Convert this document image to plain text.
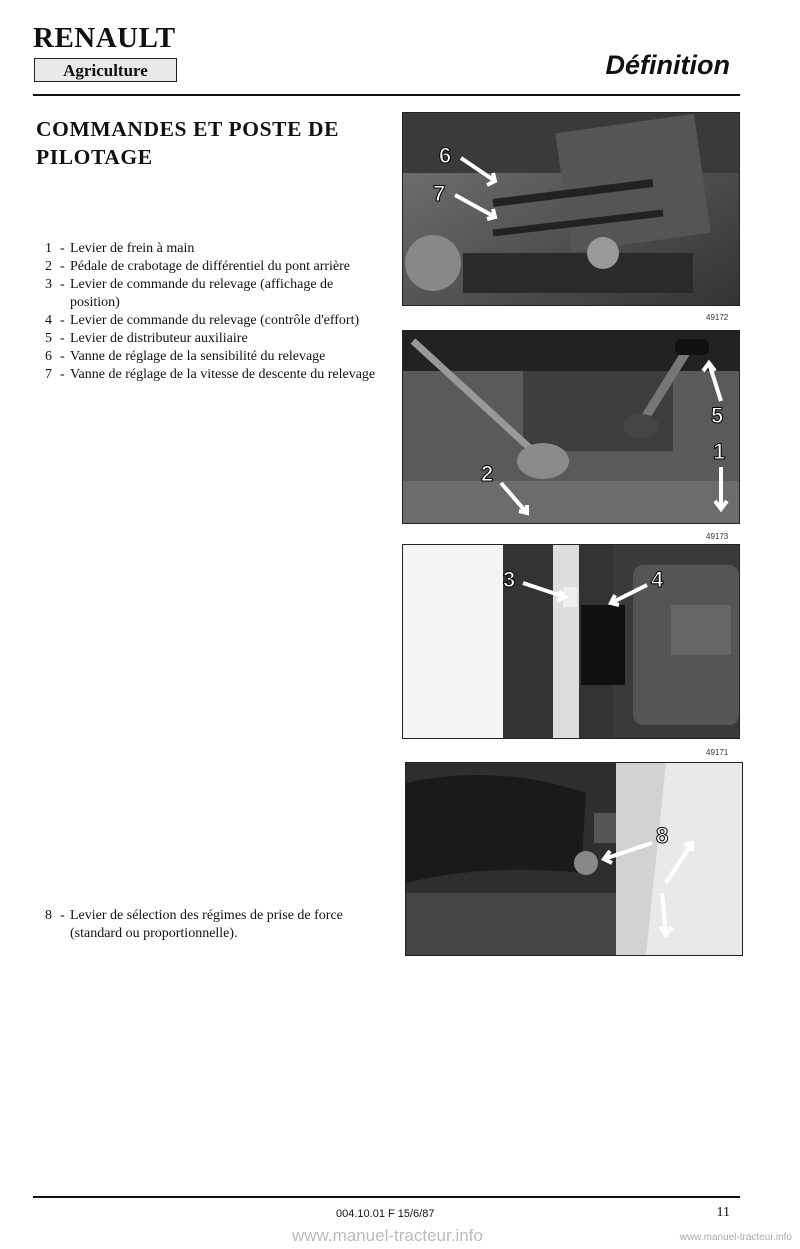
RENAULT
Agriculture	Définition
COMMANDES ET POSTE DE PILOTAGE
1 - Levier de frein à main
2 - Pédale de crabotage de différentiel du pont arrière
3 - Levier de commande du relevage (affichage de position)
4 - Levier de commande du relevage (contrôle d'effort)
5 - Levier de distributeur auxiliaire
6 - Vanne de réglage de la sensibilité du relevage
7 - Vanne de réglage de la vitesse de descente du relevage
8 - Levier de sélection des régimes de prise de force (standard ou proportionnelle).
6
7
49172
5
1
2
49173
3	4
49171
8
004.10.01 F 15/6/87	11
www.manuel-tracteur.info	www.manuel-tracteur.info
